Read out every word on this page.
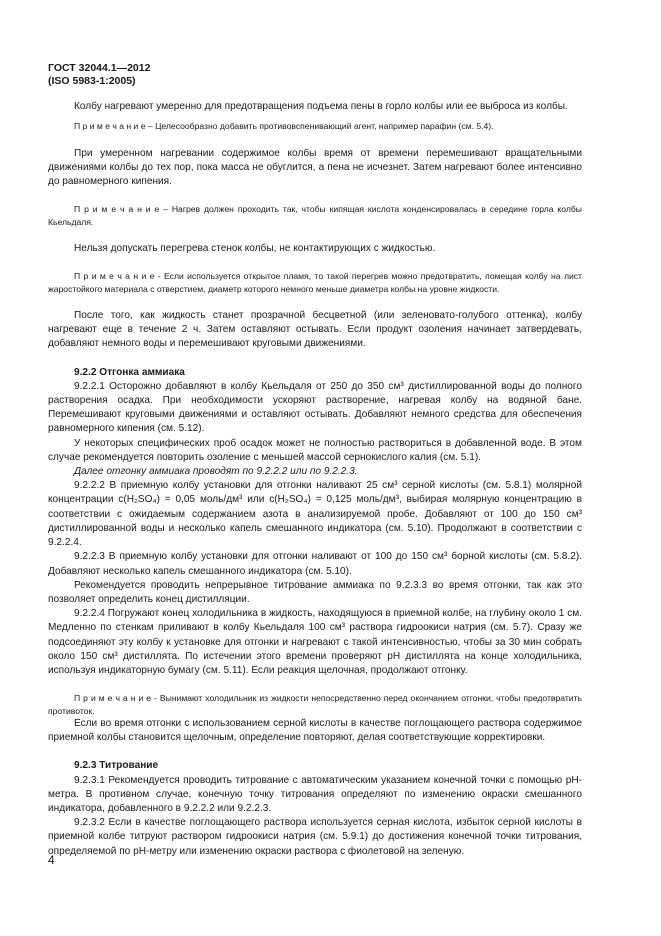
ГОСТ 32044.1—2012
(ISO 5983-1:2005)

Колбу нагревают умеренно для предотвращения подъема пены в горло колбы или ее выброса из колбы.

П р и м е ч а н и е – Целесообразно добавить противовспенивающий агент, например парафин (см. 5.4).

При умеренном нагревании содержимое колбы время от времени перемешивают вращательными движениями колбы до тех пор, пока масса не обуглится, а пена не исчезнет. Затем нагревают более интенсивно до равномерного кипения.

П р и м е ч а н и е – Нагрев должен проходить так, чтобы кипящая кислота конденсировалась в середине горла колбы Кьельдаля.

Нельзя допускать перегрева стенок колбы, не контактирующих с жидкостью.

П р и м е ч а н и е - Если используется открытое пламя, то такой перегрев можно предотвратить, помещая колбу на лист жаростойкого материала с отверстием, диаметр которого немного меньше диаметра колбы на уровне жидкости.

После того, как жидкость станет прозрачной бесцветной (или зеленовато-голубого оттенка), колбу нагревают еще в течение 2 ч. Затем оставляют остывать. Если продукт озоления начинает затвердевать, добавляют немного воды и перемешивают круговыми движениями.

9.2.2 Отгонка аммиака

9.2.2.1 Осторожно добавляют в колбу Кьельдаля от 250 до 350 см³ дистиллированной воды до полного растворения осадка. При необходимости ускоряют растворение, нагревая колбу на водяной бане. Перемешивают круговыми движениями и оставляют остывать. Добавляют немного средства для обеспечения равномерного кипения (см. 5.12).

У некоторых специфических проб осадок может не полностью раствориться в добавленной воде. В этом случае рекомендуется повторить озоление с меньшей массой сернокислого калия (см. 5.1).

Далее отгонку аммиака проводят по 9.2.2.2 или по 9.2.2.3.

9.2.2.2 В приемную колбу установки для отгонки наливают 25 см³ серной кислоты (см. 5.8.1) молярной концентрации c(H₂SO₄) = 0,05 моль/дм³ или c(H₂SO₄) = 0,125 моль/дм³, выбирая молярную концентрацию в соответствии с ожидаемым содержанием азота в анализируемой пробе. Добавляют от 100 до 150 см³ дистиллированной воды и несколько капель смешанного индикатора (см. 5.10). Продолжают в соответствии с 9.2.2.4.

9.2.2.3 В приемную колбу установки для отгонки наливают от 100 до 150 см³ борной кислоты (см. 5.8.2). Добавляют несколько капель смешанного индикатора (см. 5.10).

Рекомендуется проводить непрерывное титрование аммиака по 9.2.3.3 во время отгонки, так как это позволяет определить конец дистилляции.

9.2.2.4 Погружают конец холодильника в жидкость, находящуюся в приемной колбе, на глубину около 1 см. Медленно по стенкам приливают в колбу Кьельдаля 100 см³ раствора гидроокиси натрия (см. 5.7). Сразу же подсоединяют эту колбу к установке для отгонки и нагревают с такой интенсивностью, чтобы за 30 мин собрать около 150 см³ дистиллята. По истечении этого времени проверяют pH дистиллята на конце холодильника, используя индикаторную бумагу (см. 5.11). Если реакция щелочная, продолжают отгонку.

П р и м е ч а н и е - Вынимают холодильник из жидкости непосредственно перед окончанием отгонки, чтобы предотвратить противоток.

Если во время отгонки с использованием серной кислоты в качестве поглощающего раствора содержимое приемной колбы становится щелочным, определение повторяют, делая соответствующие корректировки.

9.2.3 Титрование

9.2.3.1 Рекомендуется проводить титрование с автоматическим указанием конечной точки с помощью pH-метра. В противном случае, конечную точку титрования определяют по изменению окраски смешанного индикатора, добавленного в 9.2.2.2 или 9.2.2.3.

9.2.3.2 Если в качестве поглощающего раствора используется серная кислота, избыток серной кислоты в приемной колбе титруют раствором гидроокиси натрия (см. 5.9.1) до достижения конечной точки титрования, определяемой по pH-метру или изменению окраски раствора с фиолетовой на зеленую.

4
